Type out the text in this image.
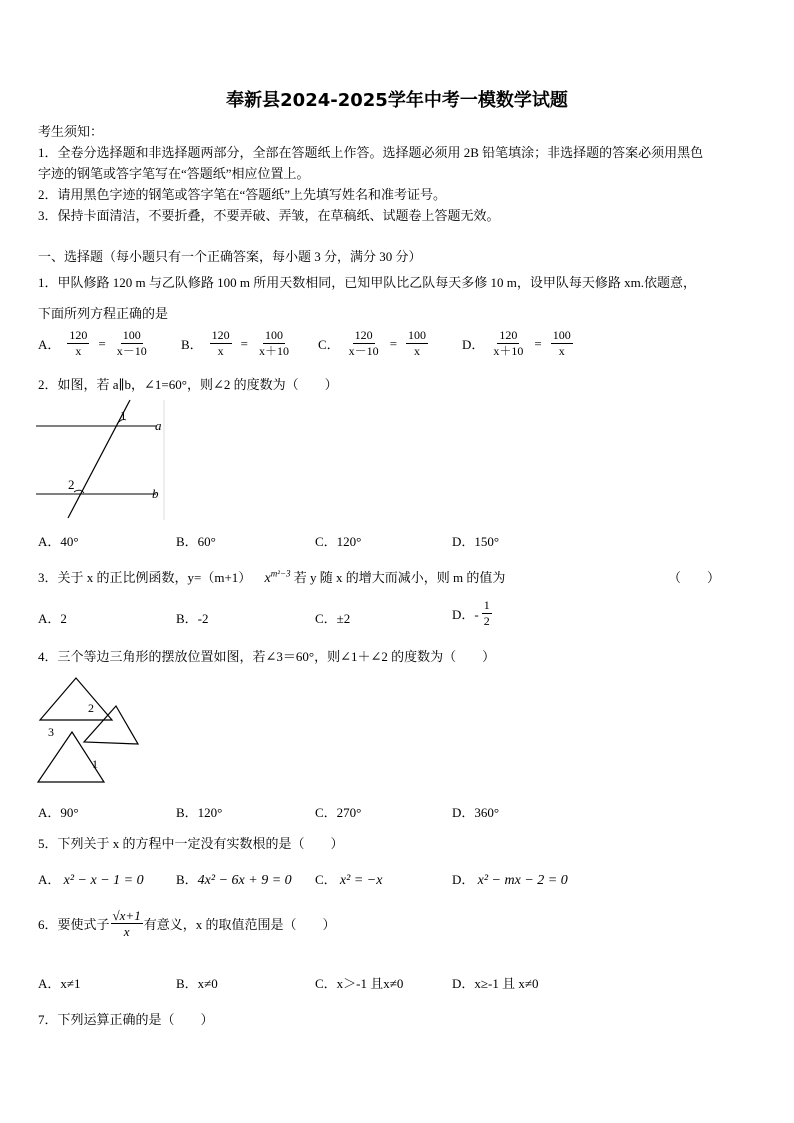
奉新县2024-2025学年中考一模数学试题
考生须知：
1．全卷分选择题和非选择题两部分，全部在答题纸上作答。选择题必须用 2B 铅笔填涂；非选择题的答案必须用黑色
字迹的钢笔或答字笔写在“答题纸”相应位置上。
2．请用黑色字迹的钢笔或答字笔在“答题纸”上先填写姓名和准考证号。
3．保持卡面清洁，不要折叠，不要弄破、弄皱，在草稿纸、试题卷上答题无效。
一、选择题（每小题只有一个正确答案，每小题 3 分，满分 30 分）
1．甲队修路 120 m 与乙队修路 100 m 所用天数相同，已知甲队比乙队每天多修 10 m，设甲队每天修路 xm.依题意，
下面所列方程正确的是
A． $\frac{120}{x} = \frac{100}{x-10}$ B． $\frac{120}{x} = \frac{100}{x+10}$ C． $\frac{120}{x-10} = \frac{100}{x}$	D． $\frac{120}{x+10} = \frac{100}{x}$
2．如图，若 a∥b，∠1=60°，则∠2 的度数为（　　）
1
2
a
b
A．40°	B．60°	C．120°	D．150°
3．关于 x 的正比例函数，y=（m+1） $x^{m^2-3}$ 若 y 随 x 的增大而减小，则 m 的值为	（　　）
A．2	B．-2	C．±2	D．- $\frac{1}{2}$
4．三个等边三角形的摆放位置如图，若∠3＝60°，则∠1＋∠2 的度数为（　　）
2
3
1
A．90°	B．120°	C．270°	D．360°
5．下列关于 x 的方程中一定没有实数根的是（　　）
A． x² − x − 1 = 0 B．4x² − 6x + 9 = 0 C． x² = −x	D． x² − mx − 2 = 0
6．要使式子 $\frac{√x+1}{x}$ 有意义，x 的取值范围是（　　）
A．x≠1	B．x≠0	C．x＞-1 且x≠0	D．x≥-1 且 x≠0
7．下列运算正确的是（　　）
